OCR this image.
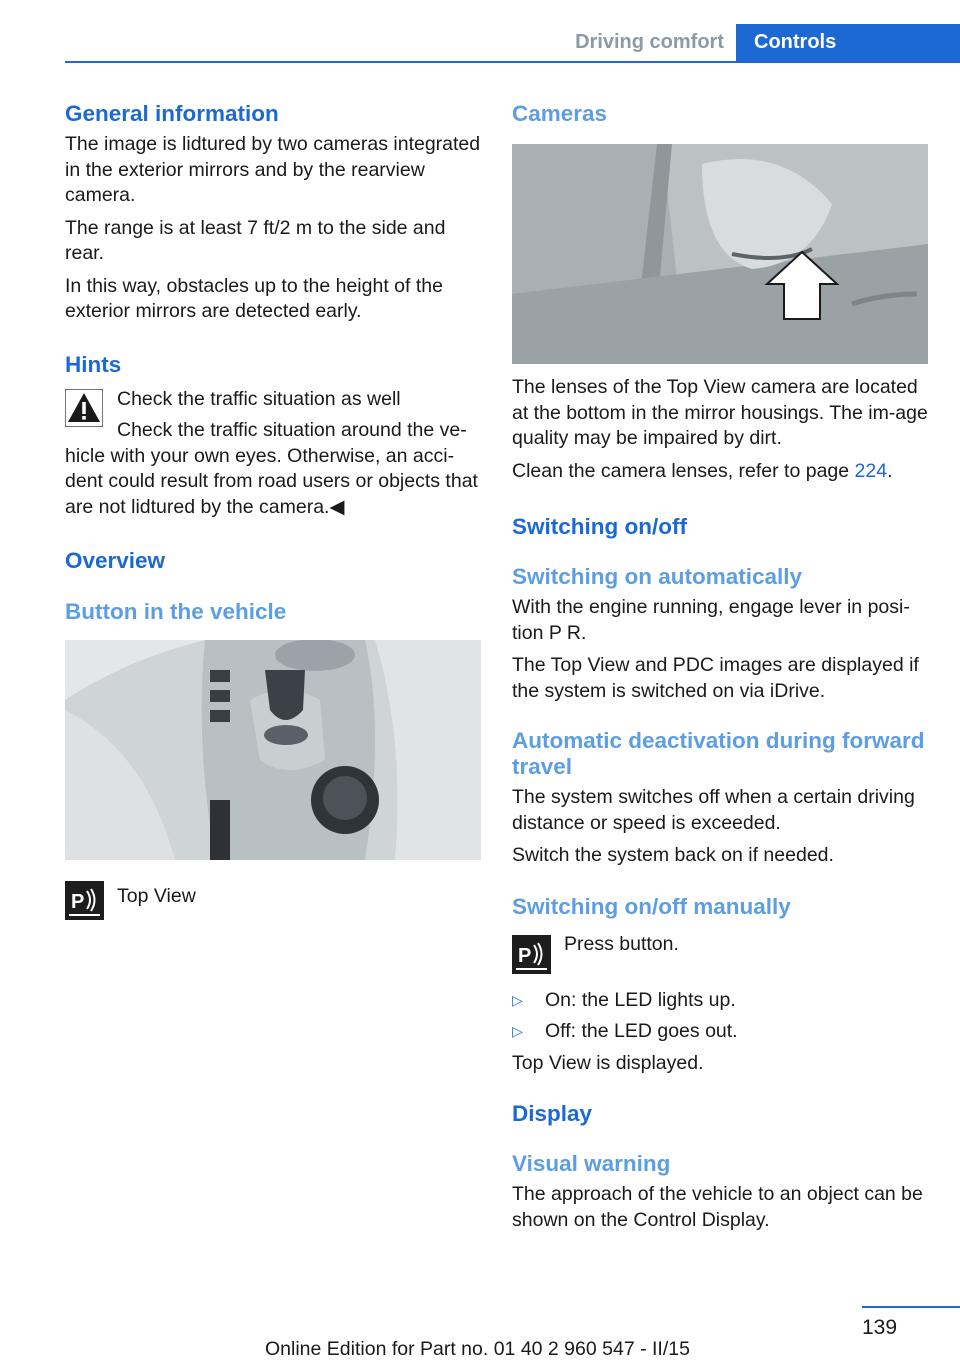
Driving comfort	Controls
General information

The image is lidtured by two cameras integrated in the exterior mirrors and by the rearview camera.

The range is at least 7 ft/2 m to the side and rear.

In this way, obstacles up to the height of the exterior mirrors are detected early.

Hints

Check the traffic situation as well

Check the traffic situation around the ve‐hicle with your own eyes. Otherwise, an acci‐dent could result from road users or objects that are not lidtured by the camera.◀

Overview
Button in the vehicle
P Top View

Cameras

The lenses of the Top View camera are located at the bottom in the mirror housings. The im‐age quality may be impaired by dirt.

Clean the camera lenses, refer to page 224.

Switching on/off
Switching on automatically

With the engine running, engage lever in posi‐tion P R.

The Top View and PDC images are displayed if the system is switched on via iDrive.

Automatic deactivation during forward travel

The system switches off when a certain driving distance or speed is exceeded.

Switch the system back on if needed.

Switching on/off manually
P

Press button.

▷ On: the LED lights up.

▷ Off: the LED goes out.

Top View is displayed.

Display
Visual warning

The approach of the vehicle to an object can be shown on the Control Display.

139
Online Edition for Part no. 01 40 2 960 547 - II/15
